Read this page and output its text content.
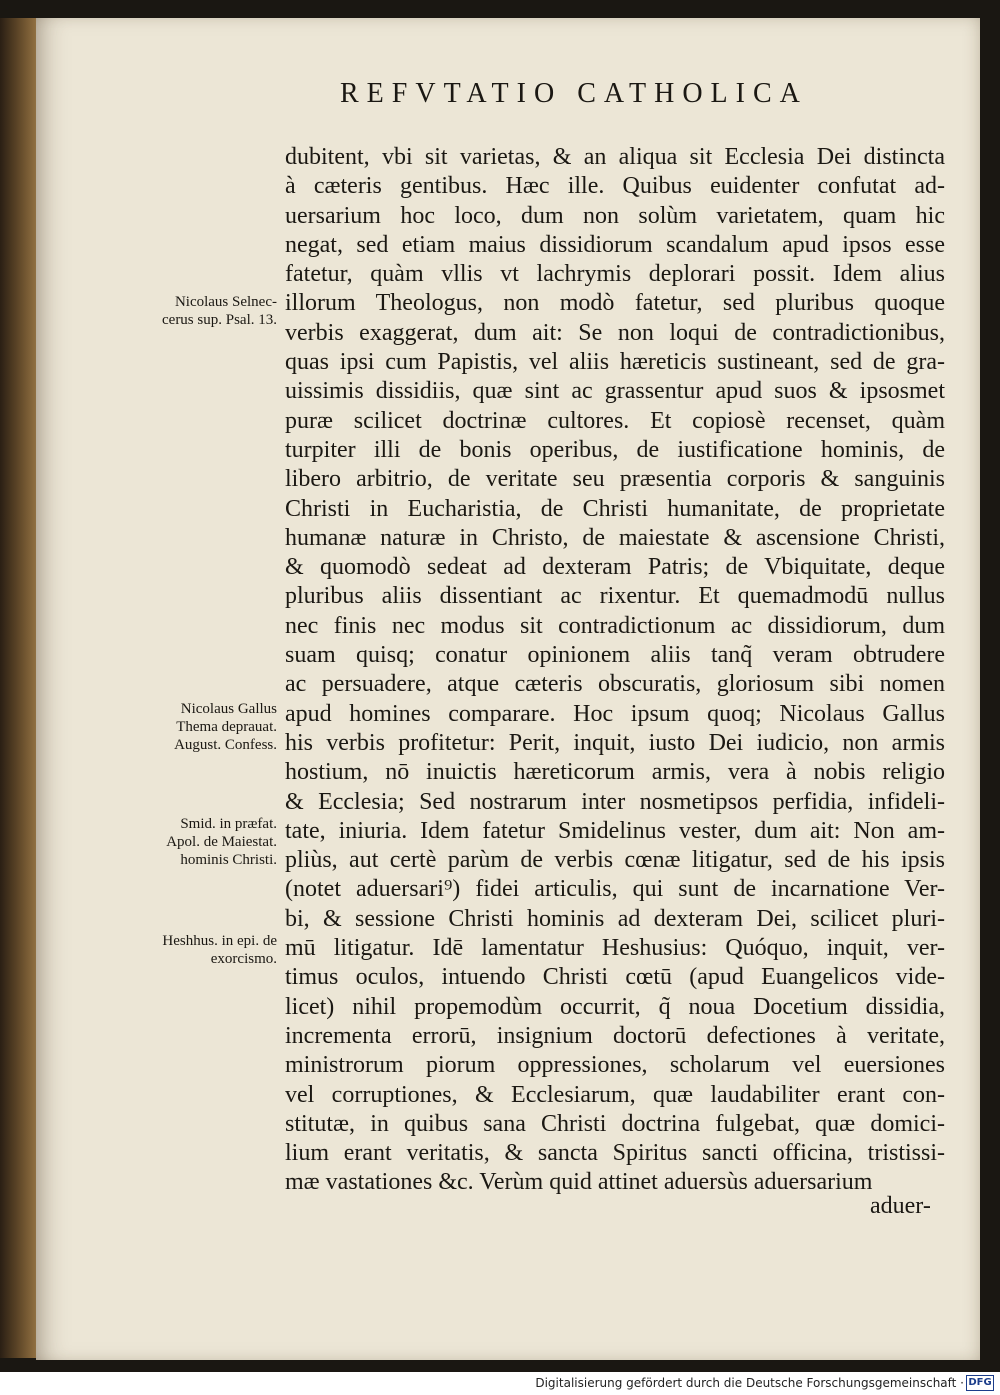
REFVTATIO CATHOLICA
Nicolaus Selnec-
cerus sup. Psal. 13.
Nicolaus Gallus
Thema deprauat.
August. Confess.
Smid. in præfat.
Apol. de Maiestat.
hominis Christi.
Heshhus. in epi. de
exorcismo.
dubitent, vbi sit varietas, & an aliqua sit Ecclesia Dei distincta
à cæteris gentibus. Hæc ille. Quibus euidenter confutat ad-
uersarium hoc loco, dum non solùm varietatem, quam hic
negat, sed etiam maius dissidiorum scandalum apud ipsos esse
fatetur, quàm vllis vt lachrymis deplorari possit. Idem alius
illorum Theologus, non modò fatetur, sed pluribus quoque
verbis exaggerat, dum ait: Se non loqui de contradictionibus,
quas ipsi cum Papistis, vel aliis hæreticis sustineant, sed de gra-
uissimis dissidiis, quæ sint ac grassentur apud suos & ipsosmet
puræ scilicet doctrinæ cultores. Et copiosè recenset, quàm
turpiter illi de bonis operibus, de iustificatione hominis, de
libero arbitrio, de veritate seu præsentia corporis & sanguinis
Christi in Eucharistia, de Christi humanitate, de proprietate
humanæ naturæ in Christo, de maiestate & ascensione Christi,
& quomodò sedeat ad dexteram Patris; de Vbiquitate, deque
pluribus aliis dissentiant ac rixentur. Et quemadmodū nullus
nec finis nec modus sit contradictionum ac dissidiorum, dum
suam quisq; conatur opinionem aliis tanq̃ veram obtrudere
ac persuadere, atque cæteris obscuratis, gloriosum sibi nomen
apud homines comparare. Hoc ipsum quoq; Nicolaus Gallus
his verbis profitetur: Perit, inquit, iusto Dei iudicio, non armis
hostium, nō inuictis hæreticorum armis, vera à nobis religio
& Ecclesia; Sed nostrarum inter nosmetipsos perfidia, infideli-
tate, iniuria. Idem fatetur Smidelinus vester, dum ait: Non am-
pliùs, aut certè parùm de verbis cœnæ litigatur, sed de his ipsis
(notet aduersari⁹) fidei articulis, qui sunt de incarnatione Ver-
bi, & sessione Christi hominis ad dexteram Dei, scilicet pluri-
mū litigatur. Idē lamentatur Heshusius: Quóquo, inquit, ver-
timus oculos, intuendo Christi cœtū (apud Euangelicos vide-
licet) nihil propemodùm occurrit, q̃ noua Docetium dissidia,
incrementa errorū, insignium doctorū defectiones à veritate,
ministrorum piorum oppressiones, scholarum vel euersiones
vel corruptiones, & Ecclesiarum, quæ laudabiliter erant con-
stitutæ, in quibus sana Christi doctrina fulgebat, quæ domici-
lium erant veritatis, & sancta Spiritus sancti officina, tristissi-
mæ vastationes &c. Verùm quid attinet aduersùs aduersarium
aduer-
Digitalisierung gefördert durch die Deutsche Forschungsgemeinschaft · DFG
